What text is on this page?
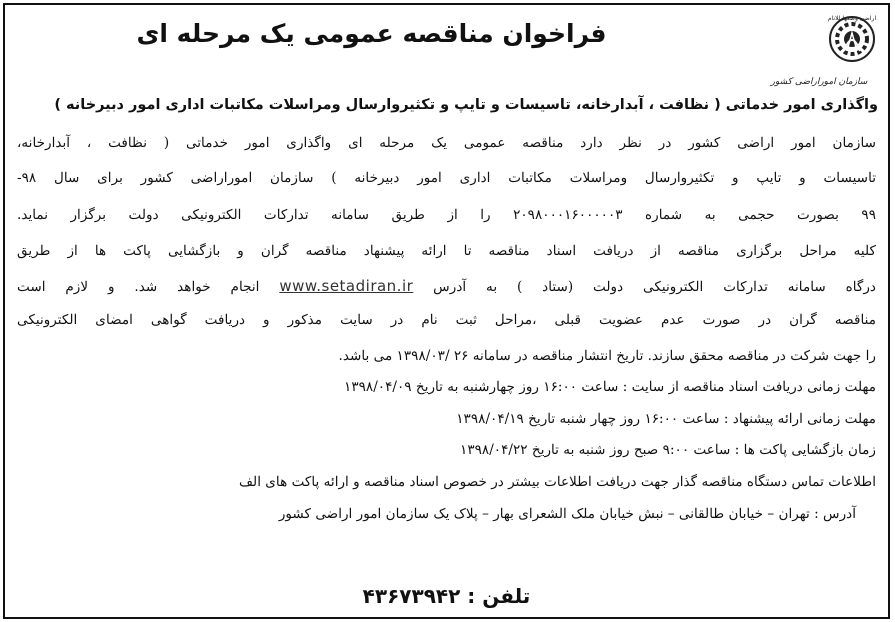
اراضی وصعها للانام
سازمان اموراراضی کشور
فراخوان مناقصه عمومی یک مرحله ای
واگذاری امور خدماتی ( نظافت ، آبدارخانه، تاسیسات و تایپ و تکثیروارسال ومراسلات مکاتبات اداری امور دبیرخانه )
سازمان امور اراضی کشور در نظر دارد مناقصه عمومی یک مرحله ای واگذاری امور خدماتی ( نظافت ، آبدارخانه،
تاسیسات و تایپ و تکثیروارسال ومراسلات مکاتبات اداری امور دبیرخانه ) سازمان اموراراضی کشور برای سال ۹۸-
۹۹ بصورت حجمی به شماره ۲۰۹۸۰۰۰۱۶۰۰۰۰۰۳ را از طریق سامانه تدارکات الکترونیکی دولت برگزار نماید.
کلیه مراحل برگزاری مناقصه از دریافت اسناد مناقصه تا ارائه پیشنهاد مناقصه گران و بازگشایی پاکت ها از طریق
درگاه سامانه تدارکات الکترونیکی دولت (ستاد ) به آدرس www.setadiran.ir انجام خواهد شد. و لازم است
مناقصه گران در صورت عدم عضویت قبلی ،مراحل ثبت نام در سایت مذکور و دریافت گواهی امضای الکترونیکی
را جهت شرکت در مناقصه محقق سازند. تاریخ انتشار مناقصه در سامانه ۲۶ /۱۳۹۸/۰۳ می باشد.
مهلت زمانی دریافت اسناد مناقصه از سایت : ساعت ۱۶:۰۰ روز چهارشنبه به تاریخ ۱۳۹۸/۰۴/۰۹
مهلت زمانی ارائه پیشنهاد : ساعت ۱۶:۰۰ روز چهار شنبه تاریخ ۱۳۹۸/۰۴/۱۹
زمان بازگشایی پاکت ها : ساعت ۹:۰۰ صبح روز شنبه به تاریخ ۱۳۹۸/۰۴/۲۲
اطلاعات تماس دستگاه مناقصه گذار جهت دریافت اطلاعات بیشتر در خصوص اسناد مناقصه و ارائه پاکت های الف
آدرس : تهران – خیابان طالقانی – نبش خیابان ملک الشعرای بهار – پلاک یک سازمان امور اراضی کشور
تلفن : ۴۳۶۷۳۹۴۲
